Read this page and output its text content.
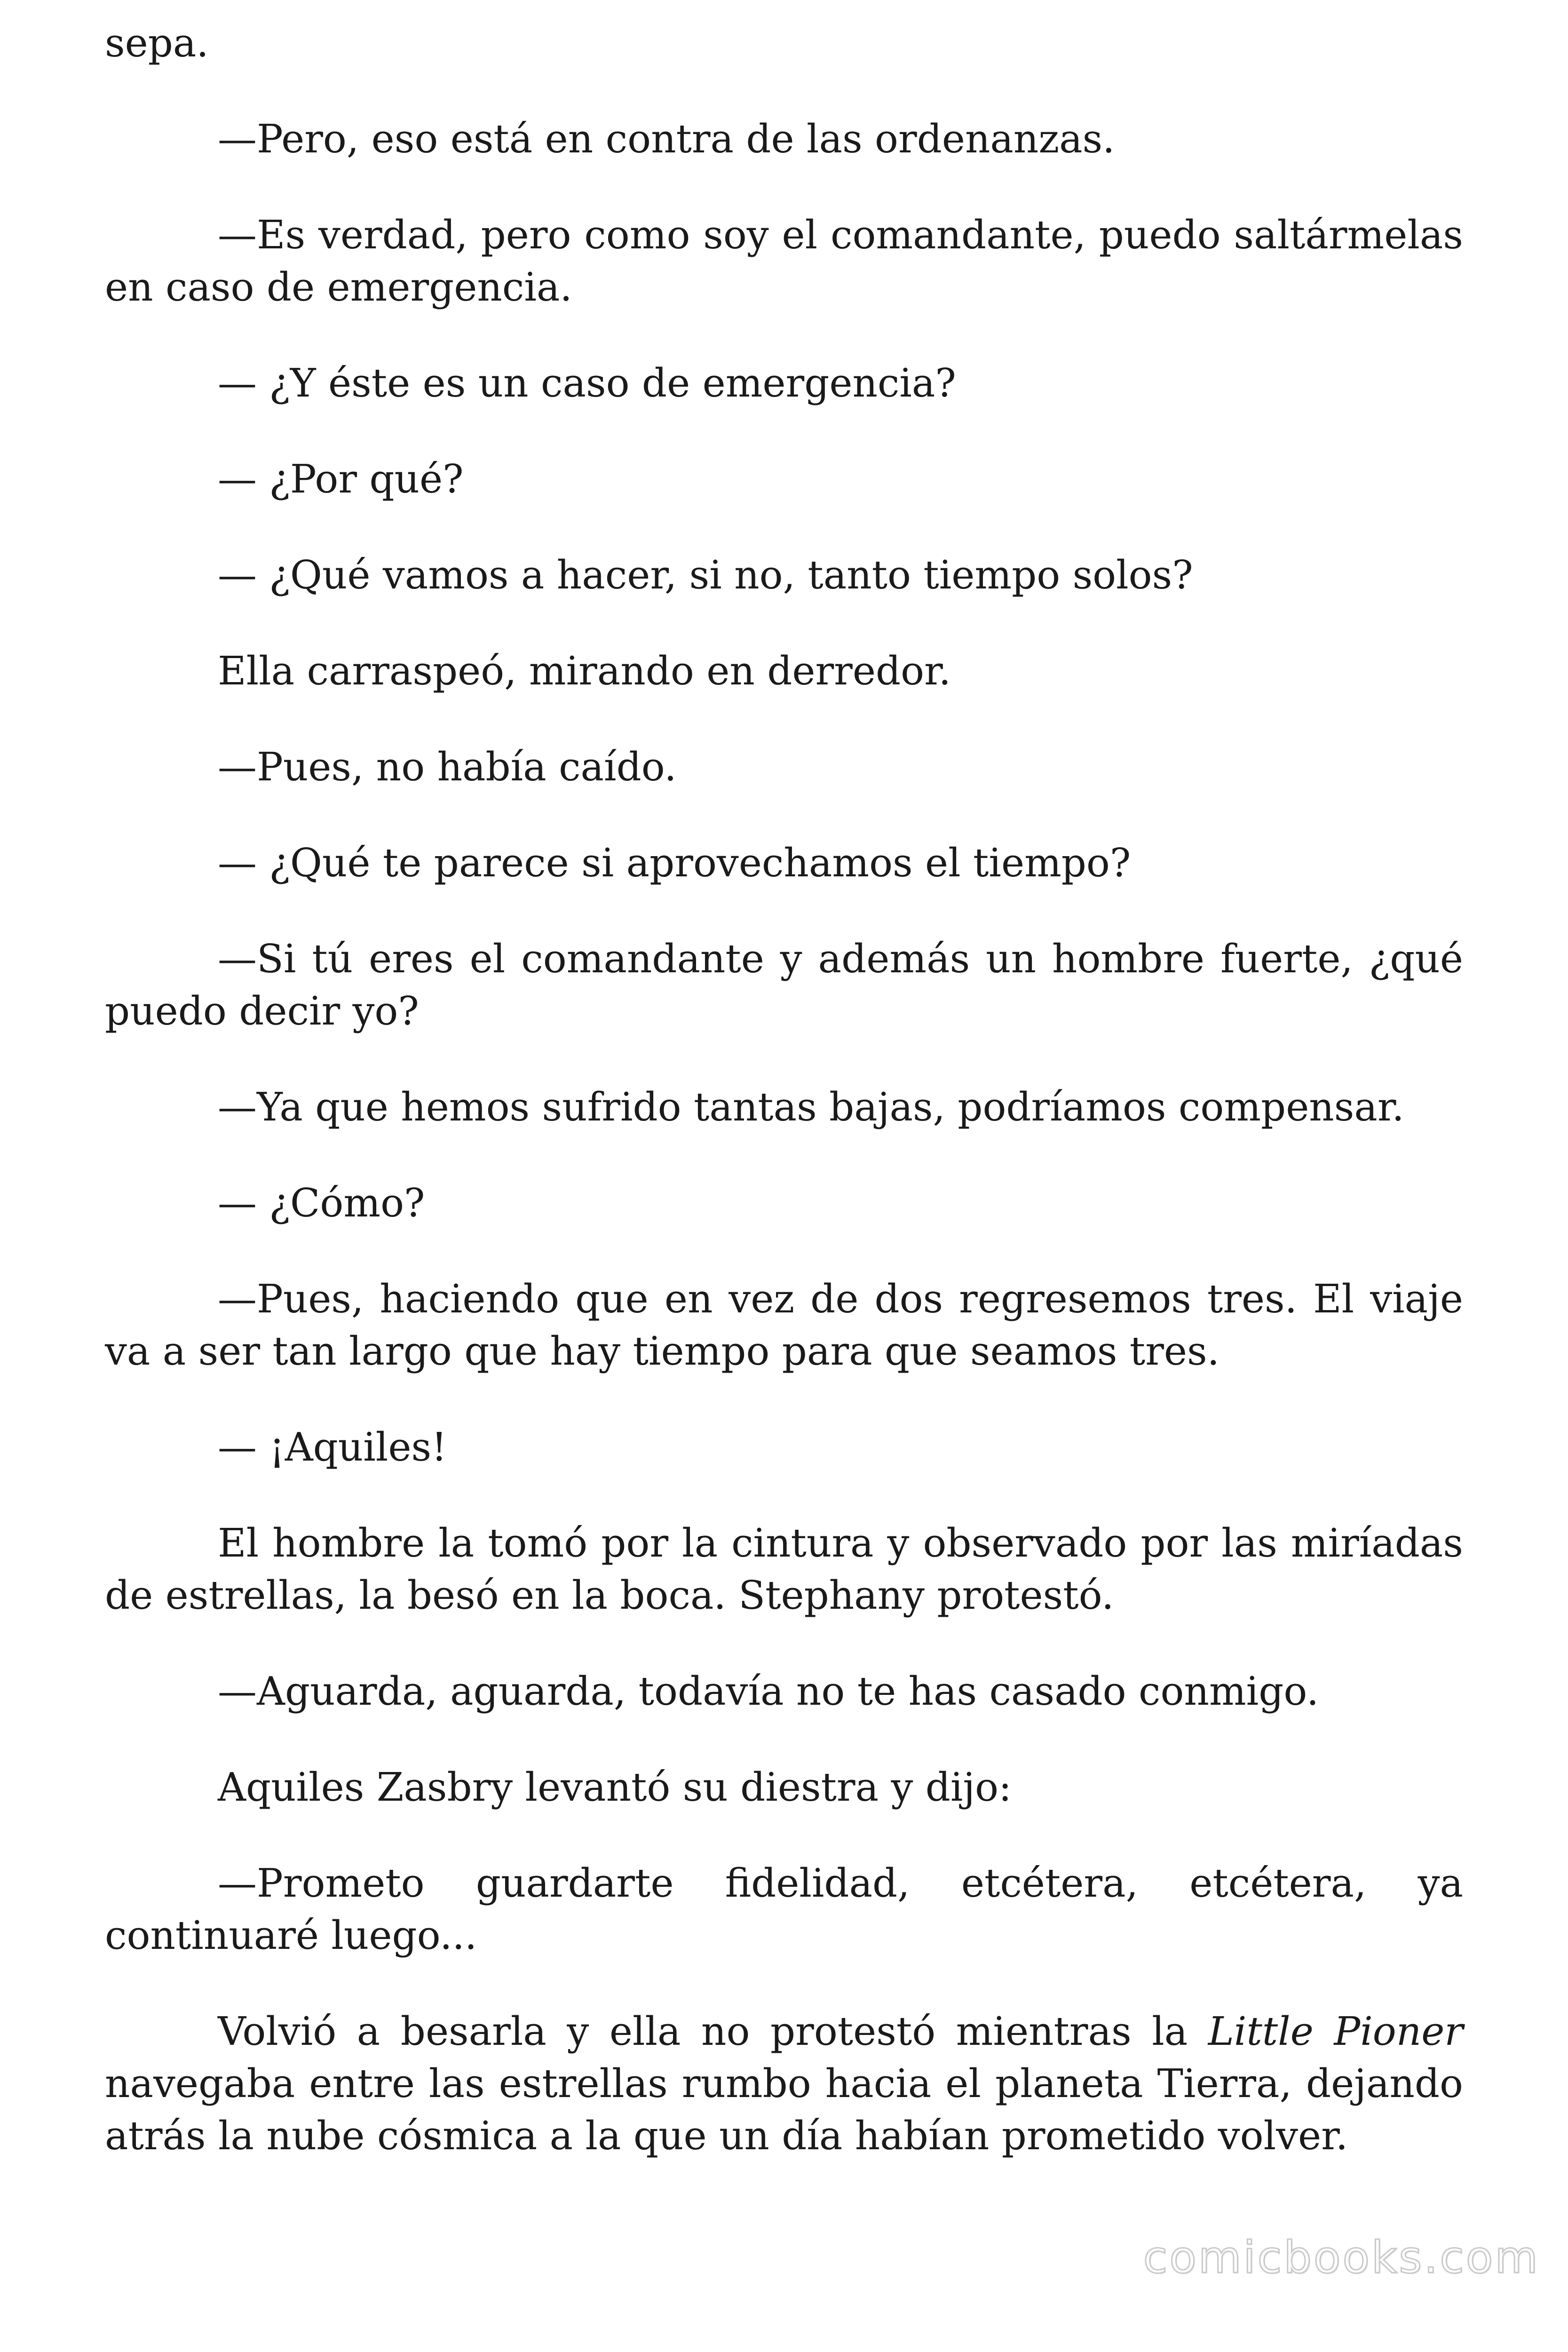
sepa.

—Pero, eso está en contra de las ordenanzas.

—Es verdad, pero como soy el comandante, puedo saltármelas en caso de emergencia.

— ¿Y éste es un caso de emergencia?

— ¿Por qué?

— ¿Qué vamos a hacer, si no, tanto tiempo solos?

Ella carraspeó, mirando en derredor.

—Pues, no había caído.

— ¿Qué te parece si aprovechamos el tiempo?

—Si tú eres el comandante y además un hombre fuerte, ¿qué puedo decir yo?

—Ya que hemos sufrido tantas bajas, podríamos compensar.

— ¿Cómo?

—Pues, haciendo que en vez de dos regresemos tres. El viaje va a ser tan largo que hay tiempo para que seamos tres.

— ¡Aquiles!

El hombre la tomó por la cintura y observado por las miríadas de estrellas, la besó en la boca. Stephany protestó.

—Aguarda, aguarda, todavía no te has casado conmigo.

Aquiles Zasbry levantó su diestra y dijo:

—Prometo guardarte fidelidad, etcétera, etcétera, ya continuaré luego...

Volvió a besarla y ella no protestó mientras la Little Pioner navegaba entre las estrellas rumbo hacia el planeta Tierra, dejando atrás la nube cósmica a la que un día habían prometido volver.

comicbooks.com
